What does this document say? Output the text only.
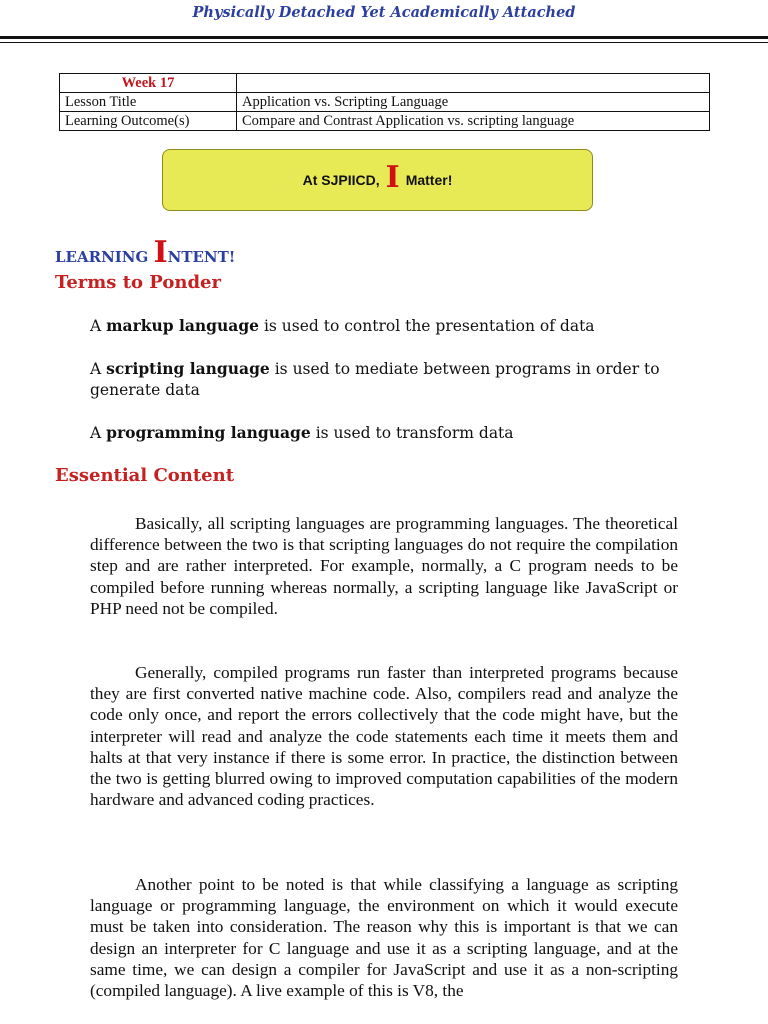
Physically Detached Yet Academically Attached
Week 17	
Lesson Title	Application vs. Scripting Language
Learning Outcome(s)	Compare and Contrast Application vs. scripting language
At SJPIICD, I Matter!
LEARNING INTENT!
Terms to Ponder
A markup language is used to control the presentation of data
A scripting language is used to mediate between programs in order to generate data
A programming language is used to transform data
Essential Content

Basically, all scripting languages are programming languages. The theoretical difference between the two is that scripting languages do not require the compilation step and are rather interpreted. For example, normally, a C program needs to be compiled before running whereas normally, a scripting language like JavaScript or PHP need not be compiled.

Generally, compiled programs run faster than interpreted programs because they are first converted native machine code. Also, compilers read and analyze the code only once, and report the errors collectively that the code might have, but the interpreter will read and analyze the code statements each time it meets them and halts at that very instance if there is some error. In practice, the distinction between the two is getting blurred owing to improved computation capabilities of the modern hardware and advanced coding practices.

Another point to be noted is that while classifying a language as scripting language or programming language, the environment on which it would execute must be taken into consideration. The reason why this is important is that we can design an interpreter for C language and use it as a scripting language, and at the same time, we can design a compiler for JavaScript and use it as a non-scripting (compiled language). A live example of this is V8, the
